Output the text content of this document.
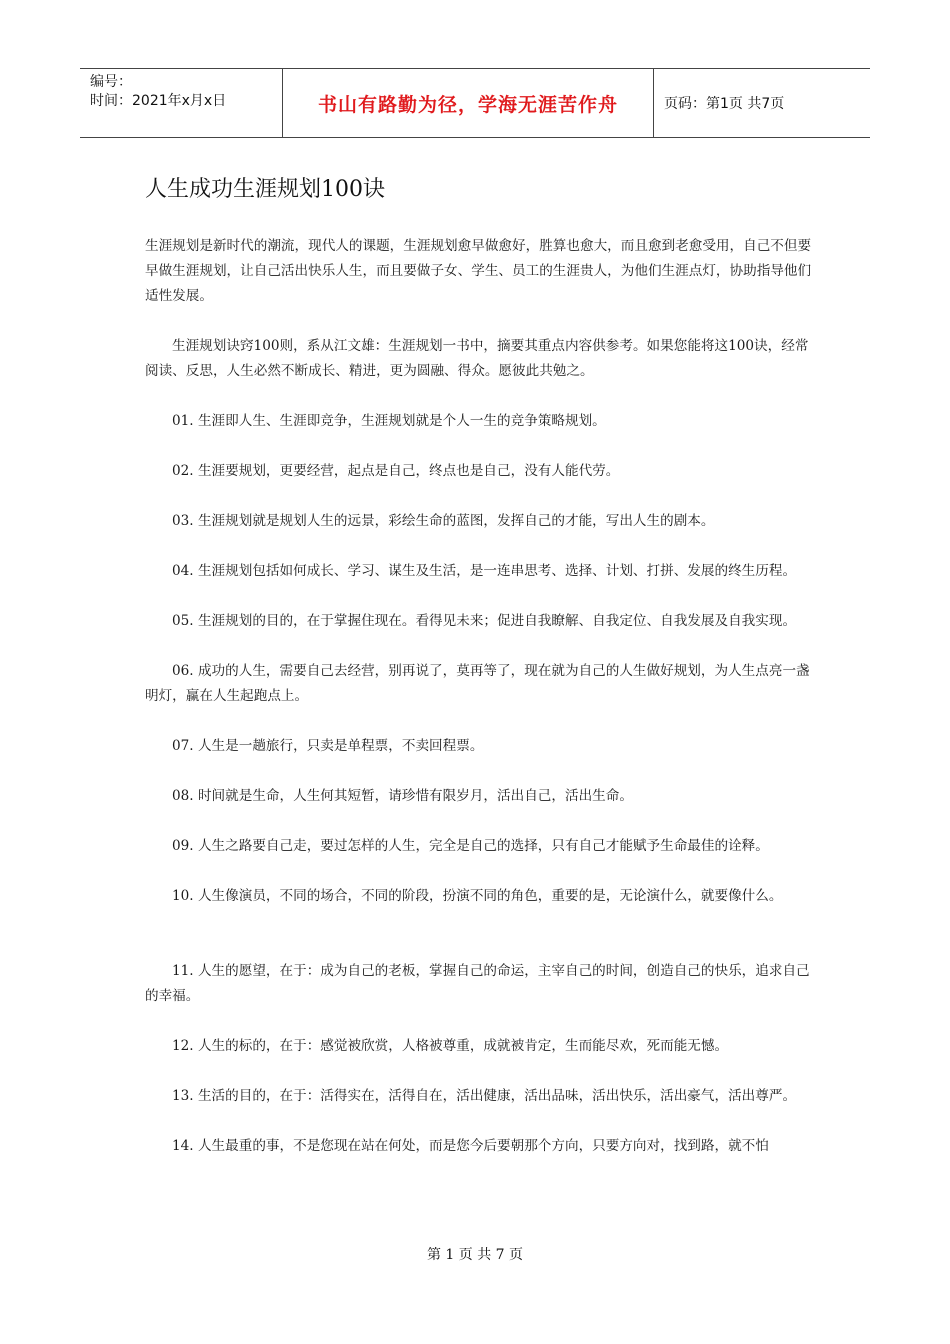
编号：
时间：2021年x月x日	书山有路勤为径，学海无涯苦作舟	页码：第1页 共7页
人生成功生涯规划100诀

生涯规划是新时代的潮流，现代人的课题，生涯规划愈早做愈好，胜算也愈大，而且愈到老愈受用，自己不但要早做生涯规划，让自己活出快乐人生，而且要做子女、学生、员工的生涯贵人，为他们生涯点灯，协助指导他们适性发展。

生涯规划诀窍100则，系从江文雄：生涯规划一书中，摘要其重点内容供参考。如果您能将这100诀，经常阅读、反思，人生必然不断成长、精进，更为圆融、得众。愿彼此共勉之。

01. 生涯即人生、生涯即竞争，生涯规划就是个人一生的竞争策略规划。

02. 生涯要规划，更要经营，起点是自己，终点也是自己，没有人能代劳。

03. 生涯规划就是规划人生的远景，彩绘生命的蓝图，发挥自己的才能，写出人生的剧本。

04. 生涯规划包括如何成长、学习、谋生及生活，是一连串思考、选择、计划、打拼、发展的终生历程。

05. 生涯规划的目的，在于掌握住现在。看得见未来；促进自我瞭解、自我定位、自我发展及自我实现。

06. 成功的人生，需要自己去经营，别再说了，莫再等了，现在就为自己的人生做好规划，为人生点亮一盏明灯，赢在人生起跑点上。

07. 人生是一趟旅行，只卖是单程票，不卖回程票。

08. 时间就是生命，人生何其短暂，请珍惜有限岁月，活出自己，活出生命。

09. 人生之路要自己走，要过怎样的人生，完全是自己的选择，只有自己才能赋予生命最佳的诠释。

10. 人生像演员，不同的场合，不同的阶段，扮演不同的角色，重要的是，无论演什么，就要像什么。

11. 人生的愿望，在于：成为自己的老板，掌握自己的命运，主宰自己的时间，创造自己的快乐，追求自己的幸福。

12. 人生的标的，在于：感觉被欣赏，人格被尊重，成就被肯定，生而能尽欢，死而能无憾。

13. 生活的目的，在于：活得实在，活得自在，活出健康，活出品味，活出快乐，活出豪气，活出尊严。

14. 人生最重的事，不是您现在站在何处，而是您今后要朝那个方向，只要方向对，找到路，就不怕

第 1 页 共 7 页
